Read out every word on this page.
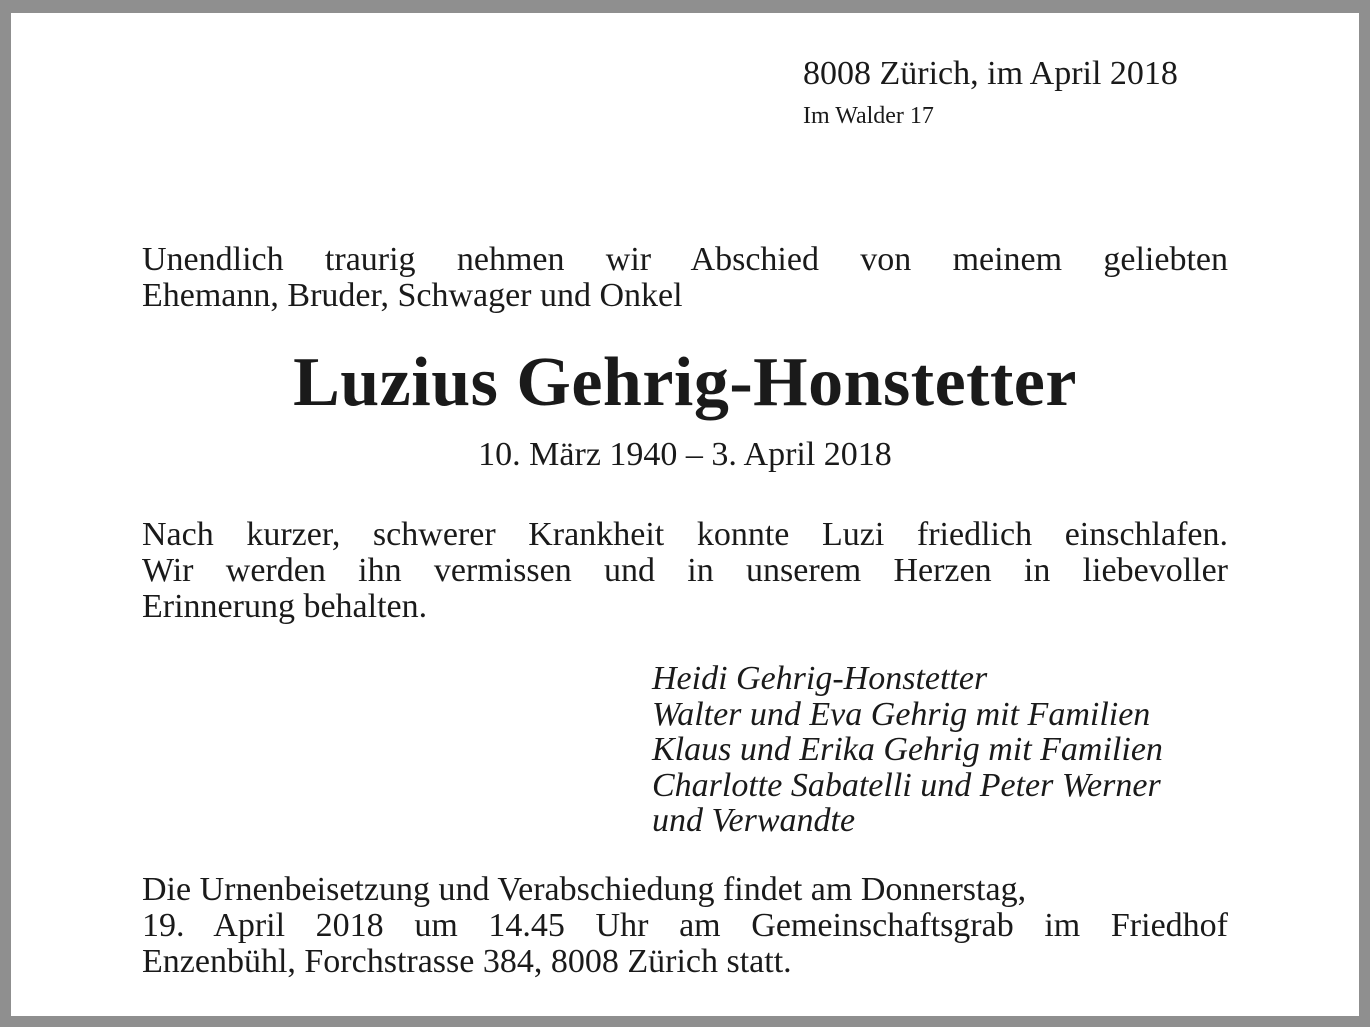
8008 Zürich, im April 2018
Im Walder 17
Unendlich traurig nehmen wir Abschied von meinem geliebten
Ehemann, Bruder, Schwager und Onkel
Luzius Gehrig-Honstetter
10. März 1940 – 3. April 2018
Nach kurzer, schwerer Krankheit konnte Luzi friedlich einschlafen.
Wir werden ihn vermissen und in unserem Herzen in liebevoller
Erinnerung behalten.
Heidi Gehrig-Honstetter
Walter und Eva Gehrig mit Familien
Klaus und Erika Gehrig mit Familien
Charlotte Sabatelli und Peter Werner
und Verwandte
Die Urnenbeisetzung und Verabschiedung findet am Donnerstag,
19. April 2018 um 14.45 Uhr am Gemeinschaftsgrab im Friedhof
Enzenbühl, Forchstrasse 384, 8008 Zürich statt.
